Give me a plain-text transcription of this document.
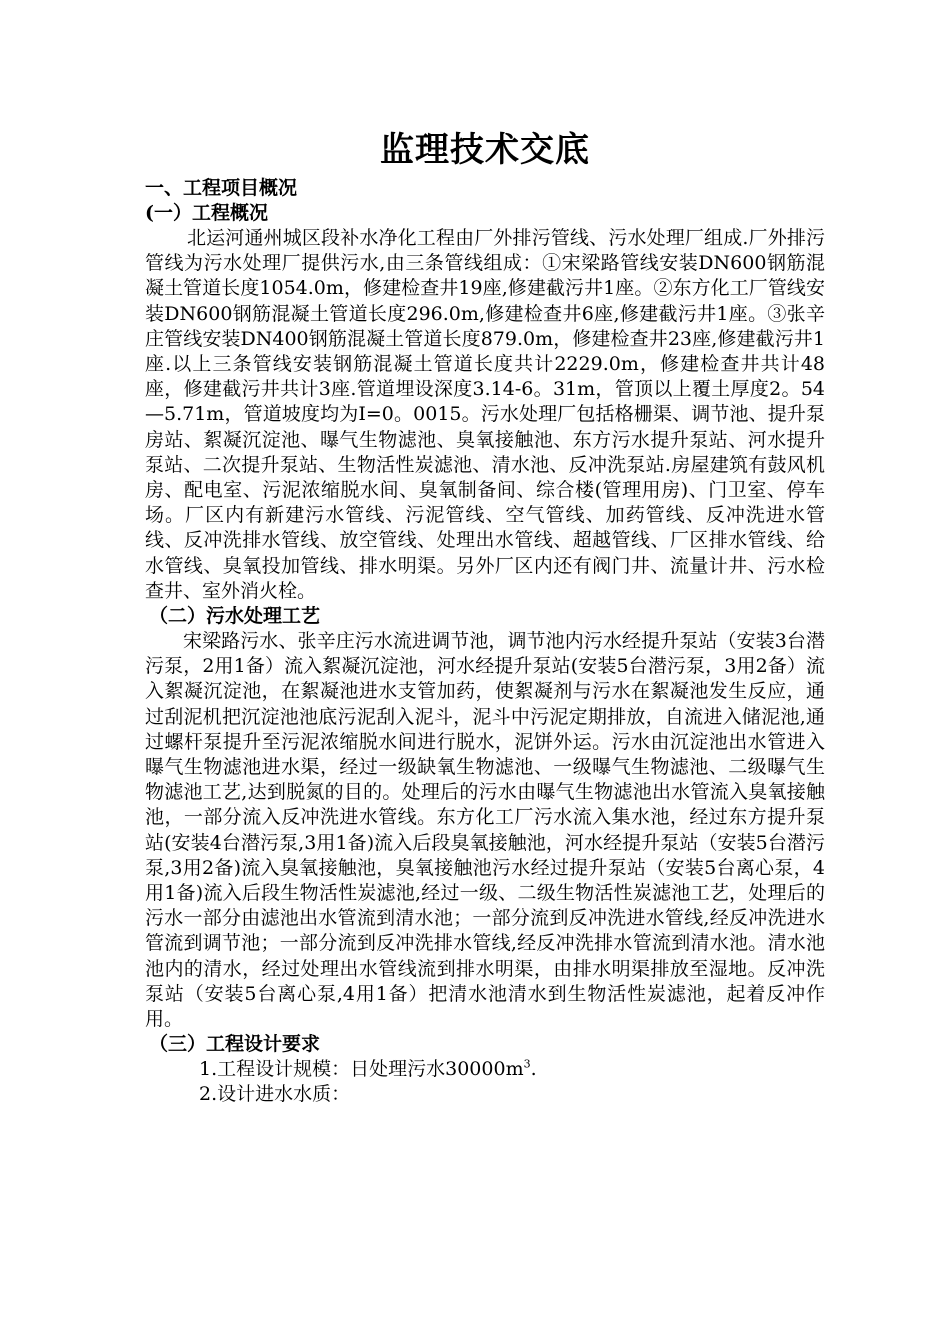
监理技术交底

一、工程项目概况

(一）工程概况

北运河通州城区段补水净化工程由厂外排污管线、污水处理厂组成.厂外排污管线为污水处理厂提供污水,由三条管线组成：①宋梁路管线安装DN600钢筋混凝土管道长度1054.0m，修建检查井19座,修建截污井1座。②东方化工厂管线安装DN600钢筋混凝土管道长度296.0m,修建检查井6座,修建截污井1座。③张辛庄管线安装DN400钢筋混凝土管道长度879.0m，修建检查井23座,修建截污井1座.以上三条管线安装钢筋混凝土管道长度共计2229.0m，修建检查井共计48座，修建截污井共计3座.管道埋设深度3.14-6。31m，管顶以上覆土厚度2。54—5.71m，管道坡度均为I=0。0015。污水处理厂包括格栅渠、调节池、提升泵房站、絮凝沉淀池、曝气生物滤池、臭氧接触池、东方污水提升泵站、河水提升泵站、二次提升泵站、生物活性炭滤池、清水池、反冲洗泵站.房屋建筑有鼓风机房、配电室、污泥浓缩脱水间、臭氧制备间、综合楼(管理用房)、门卫室、停车场。厂区内有新建污水管线、污泥管线、空气管线、加药管线、反冲洗进水管线、反冲洗排水管线、放空管线、处理出水管线、超越管线、厂区排水管线、给水管线、臭氧投加管线、排水明渠。另外厂区内还有阀门井、流量计井、污水检查井、室外消火栓。

（二）污水处理工艺

宋梁路污水、张辛庄污水流进调节池，调节池内污水经提升泵站（安装3台潜污泵，2用1备）流入絮凝沉淀池，河水经提升泵站(安装5台潜污泵，3用2备）流入絮凝沉淀池，在絮凝池进水支管加药，使絮凝剂与污水在絮凝池发生反应，通过刮泥机把沉淀池池底污泥刮入泥斗，泥斗中污泥定期排放，自流进入储泥池,通过螺杆泵提升至污泥浓缩脱水间进行脱水，泥饼外运。污水由沉淀池出水管进入曝气生物滤池进水渠，经过一级缺氧生物滤池、一级曝气生物滤池、二级曝气生物滤池工艺,达到脱氮的目的。处理后的污水由曝气生物滤池出水管流入臭氧接触池，一部分流入反冲洗进水管线。东方化工厂污水流入集水池，经过东方提升泵站(安装4台潜污泵,3用1备)流入后段臭氧接触池，河水经提升泵站（安装5台潜污泵,3用2备)流入臭氧接触池，臭氧接触池污水经过提升泵站（安装5台离心泵，4用1备)流入后段生物活性炭滤池,经过一级、二级生物活性炭滤池工艺，处理后的污水一部分由滤池出水管流到清水池；一部分流到反冲洗进水管线,经反冲洗进水管流到调节池；一部分流到反冲洗排水管线,经反冲洗排水管流到清水池。清水池池内的清水，经过处理出水管线流到排水明渠，由排水明渠排放至湿地。反冲洗泵站（安装5台离心泵,4用1备）把清水池清水到生物活性炭滤池，起着反冲作用。

（三）工程设计要求

1.工程设计规模：日处理污水$30000m^3$.

2.设计进水水质：
